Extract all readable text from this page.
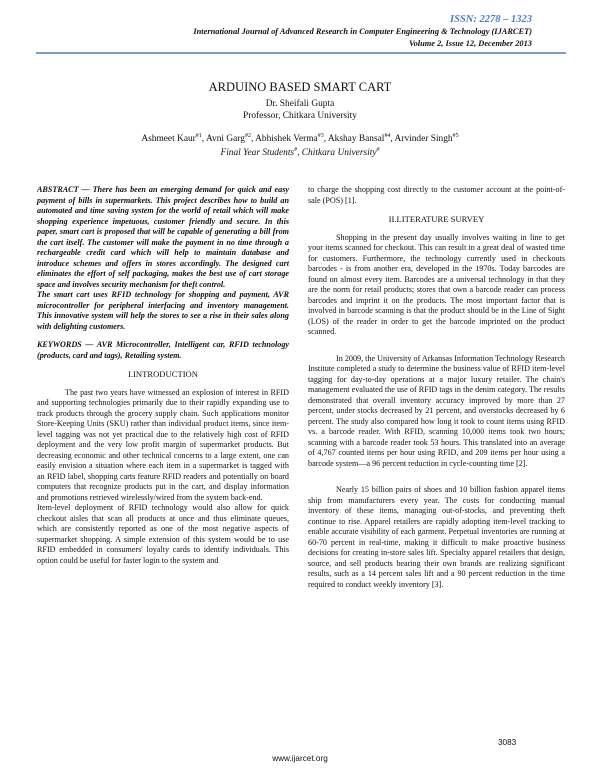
ISSN: 2278 – 1323
International Journal of Advanced Research in Computer Engineering & Technology (IJARCET)
Volume 2, Issue 12, December 2013
ARDUINO BASED SMART CART
Dr. Sheifali Gupta
Professor, Chitkara University
Ashmeet Kaur$^{\#1}$, Avni Garg$^{\#2}$, Abhishek Verma$^{\#3}$, Akshay Bansal$^{\#4}$, Arvinder Singh$^{\#5}$
Final Year Students#, Chitkara University#

ABSTRACT — There has been an emerging demand for quick and easy payment of bills in supermarkets. This project describes how to build an automated and time saving system for the world of retail which will make shopping experience impetuous, customer friendly and secure. In this paper, smart cart is proposed that will be capable of generating a bill from the cart itself. The customer will make the payment in no time through a rechargeable credit card which will help to maintain database and introduce schemes and offers in stores accordingly. The designed cart eliminates the effort of self packaging, makes the best use of cart storage space and involves security mechanism for theft control.

The smart cart uses RFID technology for shopping and payment, AVR microcontroller for peripheral interfacing and inventory management. This innovative system will help the stores to see a rise in their sales along with delighting customers.

KEYWORDS — AVR Microcontroller, Intelligent car, RFID technology (products, card and tags), Retailing system.

I.INTRODUCTION

The past two years have witnessed an explosion of interest in RFID and supporting technologies primarily due to their rapidly expanding use to track products through the grocery supply chain. Such applications monitor Store-Keeping Units (SKU) rather than individual product items, since item-level tagging was not yet practical due to the relatively high cost of RFID deployment and the very low profit margin of supermarket products. But decreasing economic and other technical concerns to a large extent, one can easily envision a situation where each item in a supermarket is tagged with an RFID label, shopping carts feature RFID readers and potentially on board computers that recognize products put in the cart, and display information and promotions retrieved wirelessly/wired from the system back-end.

Item-level deployment of RFID technology would also allow for quick checkout aisles that scan all products at once and thus eliminate queues, which are consistently reported as one of the most negative aspects of supermarket shopping. A simple extension of this system would be to use RFID embedded in consumers' loyalty cards to identify individuals. This option could be useful for faster login to the system and

to charge the shopping cost directly to the customer account at the point-of-sale (POS) [1].

II.LITERATURE SURVEY

Shopping in the present day usually involves waiting in line to get your items scanned for checkout. This can result in a great deal of wasted time for customers. Furthermore, the technology currently used in checkouts barcodes - is from another era, developed in the 1970s. Today barcodes are found on almost every item. Barcodes are a universal technology in that they are the norm for retail products; stores that own a barcode reader can process barcodes and imprint it on the products. The most important factor that is involved in barcode scanning is that the product should be in the Line of Sight (LOS) of the reader in order to get the barcode imprinted on the product scanned.

In 2009, the University of Arkansas Information Technology Research Institute completed a study to determine the business value of RFID item-level tagging for day-to-day operations at a major luxury retailer. The chain's management evaluated the use of RFID tags in the denim category. The results demonstrated that overall inventory accuracy improved by more than 27 percent, under stocks decreased by 21 percent, and overstocks decreased by 6 percent. The study also compared how long it took to count items using RFID vs. a barcode reader. With RFID, scanning 10,000 items took two hours; scanning with a barcode reader took 53 hours. This translated into an average of 4,767 counted items per hour using RFID, and 209 items per hour using a barcode system—a 96 percent reduction in cycle-counting time [2].

Nearly 15 billion pairs of shoes and 10 billion fashion apparel items ship from manufacturers every year. The costs for conducting manual inventory of these items, managing out-of-stocks, and preventing theft continue to rise. Apparel retailers are rapidly adopting item-level tracking to enable accurate visibility of each garment. Perpetual inventories are running at 60-70 percent in real-time, making it difficult to make proactive business decisions for creating in-store sales lift. Specialty apparel retailers that design, source, and sell products bearing their own brands are realizing significant results, such as a 14 percent sales lift and a 90 percent reduction in the time required to conduct weekly inventory [3].

3083
www.ijarcet.org
